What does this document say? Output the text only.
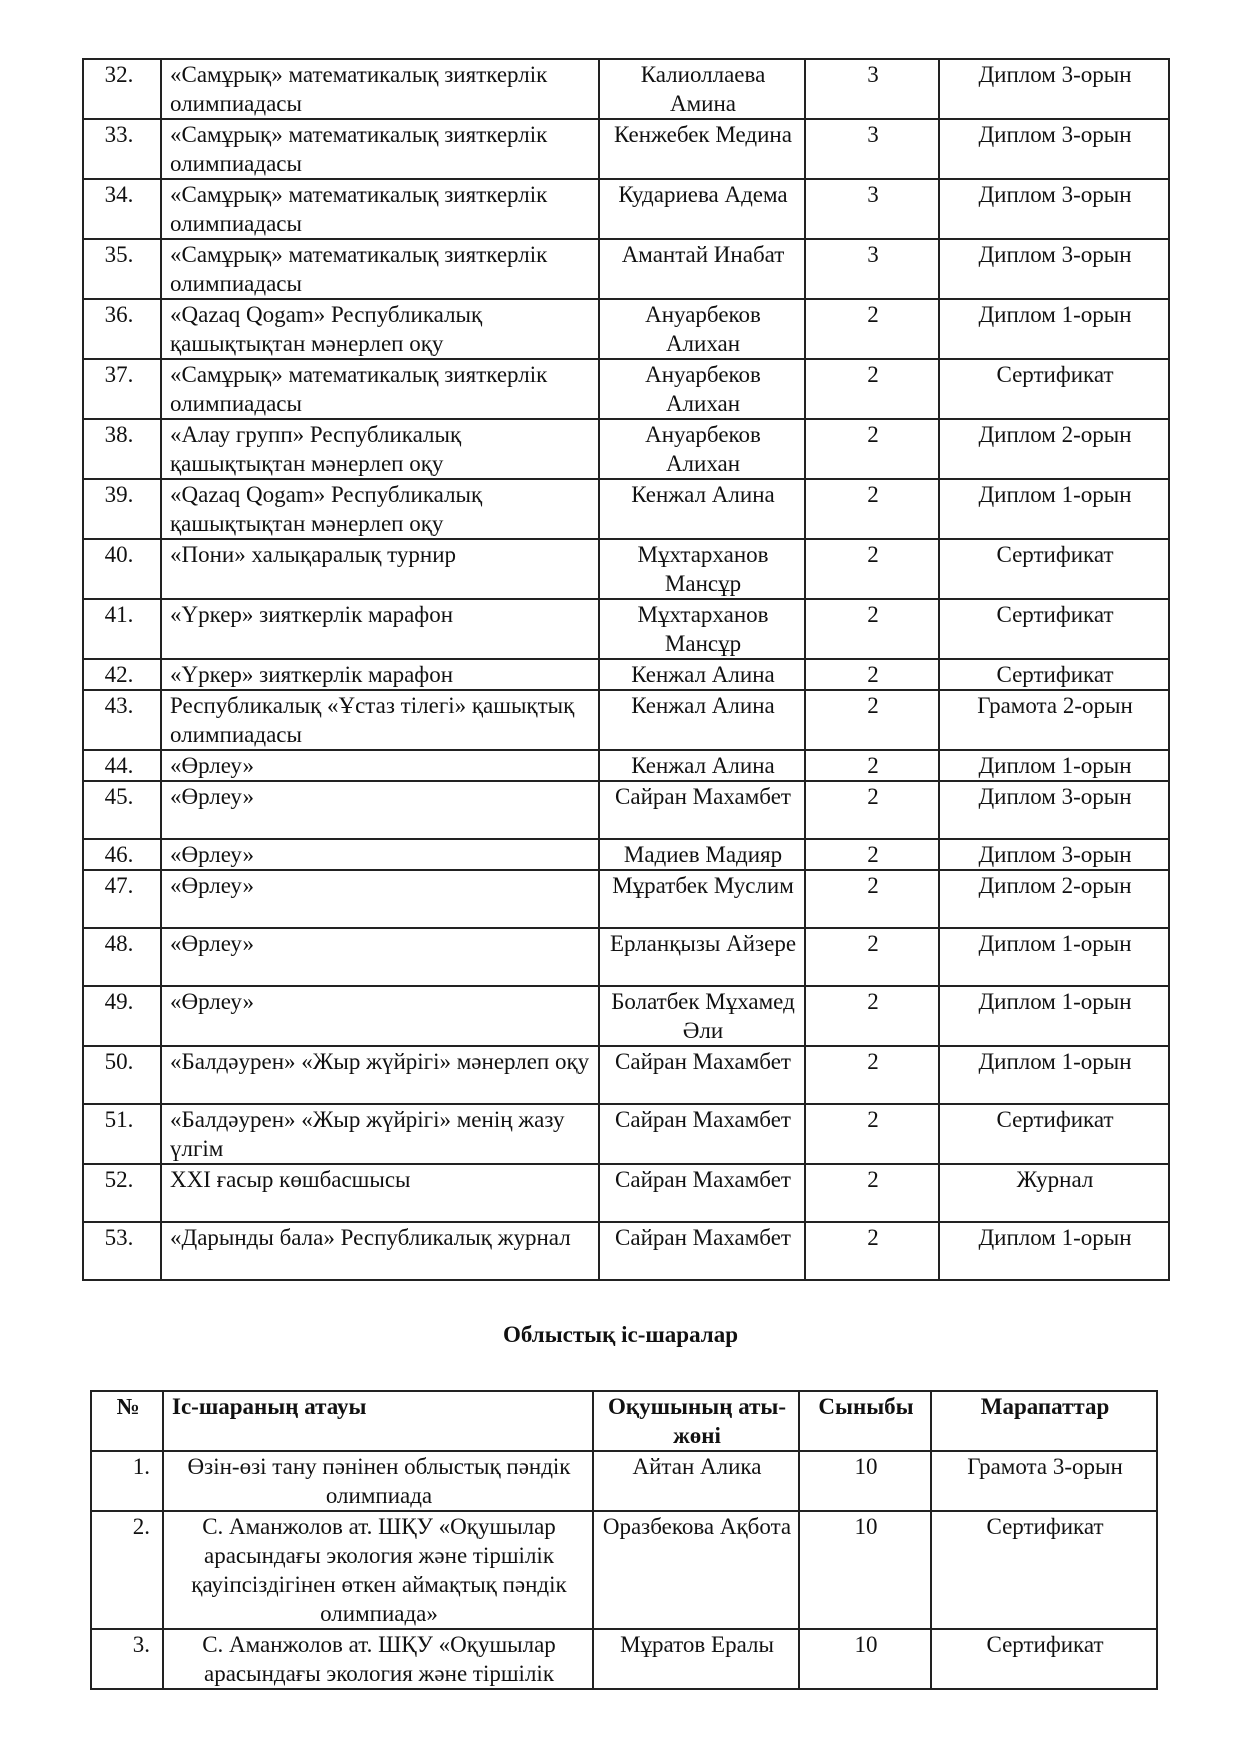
32.	«Самұрық» математикалық зияткерлік олимпиадасы	Калиоллаева Амина	3	Диплом 3-орын
33.	«Самұрық» математикалық зияткерлік олимпиадасы	Кенжебек Медина	3	Диплом 3-орын
34.	«Самұрық» математикалық зияткерлік олимпиадасы	Кудариева Адема	3	Диплом 3-орын
35.	«Самұрық» математикалық зияткерлік олимпиадасы	Амантай Инабат	3	Диплом 3-орын
36.	«Qazaq Qogam» Республикалық қашықтықтан мәнерлеп оқу	Ануарбеков Алихан	2	Диплом 1-орын
37.	«Самұрық» математикалық зияткерлік олимпиадасы	Ануарбеков Алихан	2	Сертификат
38.	«Алау групп» Республикалық қашықтықтан мәнерлеп оқу	Ануарбеков Алихан	2	Диплом 2-орын
39.	«Qazaq Qogam» Республикалық қашықтықтан мәнерлеп оқу	Кенжал Алина	2	Диплом 1-орын
40.	«Пони» халықаралық турнир	Мұхтарханов Мансұр	2	Сертификат
41.	«Үркер» зияткерлік марафон	Мұхтарханов Мансұр	2	Сертификат
42.	«Үркер» зияткерлік марафон	Кенжал Алина	2	Сертификат
43.	Республикалық «Ұстаз тілегі» қашықтық олимпиадасы	Кенжал Алина	2	Грамота 2-орын
44.	«Өрлеу»	Кенжал Алина	2	Диплом 1-орын
45.	«Өрлеу»	Сайран Махамбет	2	Диплом 3-орын
46.	«Өрлеу»	Мадиев Мадияр	2	Диплом 3-орын
47.	«Өрлеу»	Мұратбек Муслим	2	Диплом 2-орын
48.	«Өрлеу»	Ерланқызы Айзере	2	Диплом 1-орын
49.	«Өрлеу»	Болатбек Мұхамед Әли	2	Диплом 1-орын
50.	«Балдәурен» «Жыр жүйрігі» мәнерлеп оқу	Сайран Махамбет	2	Диплом 1-орын
51.	«Балдәурен» «Жыр жүйрігі» менің жазу үлгім	Сайран Махамбет	2	Сертификат
52.	XXI ғасыр көшбасшысы	Сайран Махамбет	2	Журнал
53.	«Дарынды бала» Республикалық журнал	Сайран Махамбет	2	Диплом 1-орын
Облыстық іс-шаралар
№	Іс-шараның атауы	Оқушының аты-жөні	Сыныбы	Марапаттар
1.	Өзін-өзі тану пәнінен облыстық пәндік олимпиада	Айтан Алика	10	Грамота 3-орын
2.	С. Аманжолов ат. ШҚУ «Оқушылар арасындағы экология және тіршілік қауіпсіздігінен өткен аймақтық пәндік олимпиада»	Оразбекова Ақбота	10	Сертификат
3.	С. Аманжолов ат. ШҚУ «Оқушылар арасындағы экология және тіршілік	Мұратов Ералы	10	Сертификат
